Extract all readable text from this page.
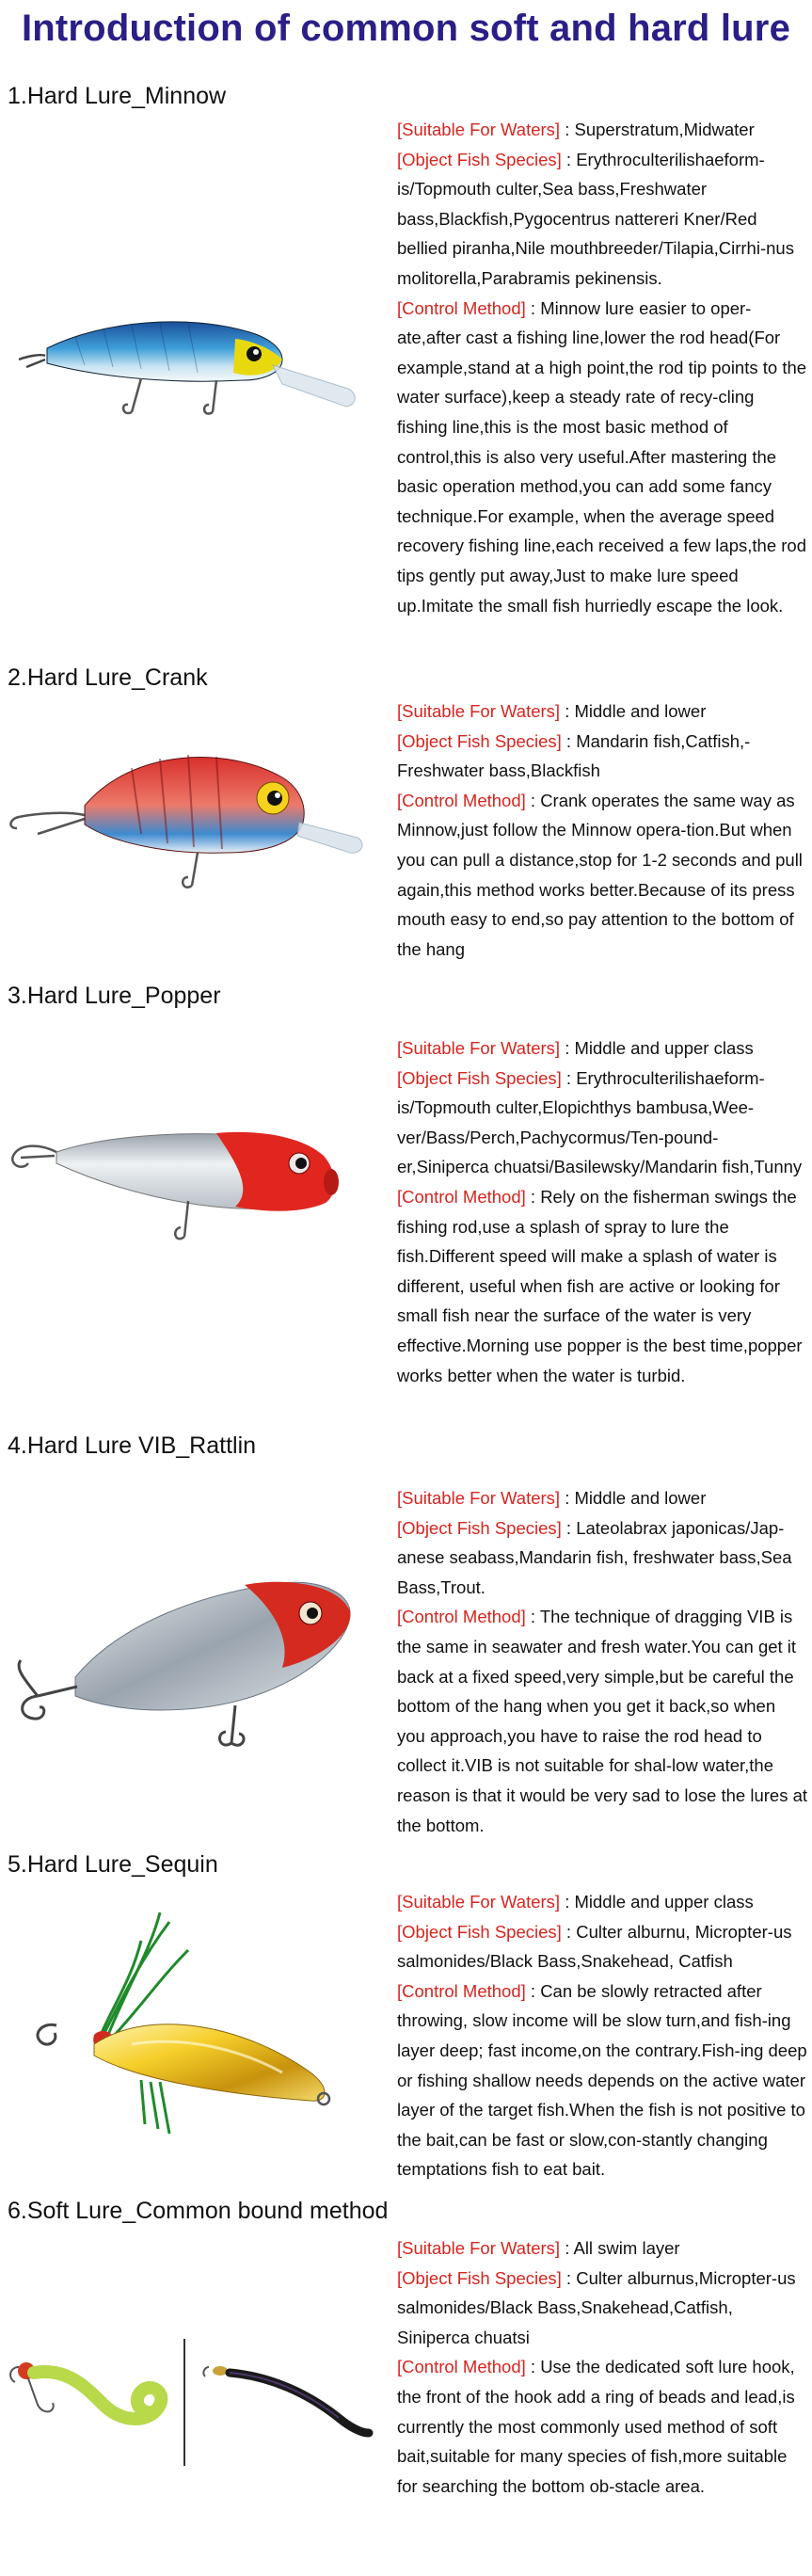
Introduction of common soft and hard lure
1.Hard Lure_Minnow

[Suitable For Waters] : Superstratum,Midwater

[Object Fish Species] : Erythroculterilishaeform-is/Topmouth culter,Sea bass,Freshwater bass,Blackfish,Pygocentrus nattereri Kner/Red bellied piranha,Nile mouthbreeder/Tilapia,Cirrhi-nus molitorella,Parabramis pekinensis.

[Control Method] : Minnow lure easier to oper-ate,after cast a fishing line,lower the rod head(For example,stand at a high point,the rod tip points to the water surface),keep a steady rate of recy-cling fishing line,this is the most basic method of control,this is also very useful.After mastering the basic operation method,you can add some fancy technique.For example, when the average speed recovery fishing line,each received a few laps,the rod tips gently put away,Just to make lure speed up.Imitate the small fish hurriedly escape the look.

2.Hard Lure_Crank

[Suitable For Waters] : Middle and lower

[Object Fish Species] : Mandarin fish,Catfish,-Freshwater bass,Blackfish

[Control Method] : Crank operates the same way as Minnow,just follow the Minnow opera-tion.But when you can pull a distance,stop for 1-2 seconds and pull again,this method works better.Because of its press mouth easy to end,so pay attention to the bottom of the hang

3.Hard Lure_Popper

[Suitable For Waters] : Middle and upper class

[Object Fish Species] : Erythroculterilishaeform-is/Topmouth culter,Elopichthys bambusa,Wee-ver/Bass/Perch,Pachycormus/Ten-pound-er,Siniperca chuatsi/Basilewsky/Mandarin fish,Tunny

[Control Method] : Rely on the fisherman swings the fishing rod,use a splash of spray to lure the fish.Different speed will make a splash of water is different, useful when fish are active or looking for small fish near the surface of the water is very effective.Morning use popper is the best time,popper works better when the water is turbid.

4.Hard Lure VIB_Rattlin

[Suitable For Waters] : Middle and lower

[Object Fish Species] : Lateolabrax japonicas/Jap-anese seabass,Mandarin fish, freshwater bass,Sea Bass,Trout.

[Control Method] : The technique of dragging VIB is the same in seawater and fresh water.You can get it back at a fixed speed,very simple,but be careful the bottom of the hang when you get it back,so when you approach,you have to raise the rod head to collect it.VIB is not suitable for shal-low water,the reason is that it would be very sad to lose the lures at the bottom.

5.Hard Lure_Sequin

[Suitable For Waters] : Middle and upper class

[Object Fish Species] : Culter alburnu, Micropter-us salmonides/Black Bass,Snakehead, Catfish

[Control Method] : Can be slowly retracted after throwing, slow income will be slow turn,and fish-ing layer deep; fast income,on the contrary.Fish-ing deep or fishing shallow needs depends on the active water layer of the target fish.When the fish is not positive to the bait,can be fast or slow,con-stantly changing temptations fish to eat bait.

6.Soft Lure_Common bound method

[Suitable For Waters] : All swim layer

[Object Fish Species] : Culter alburnus,Micropter-us salmonides/Black Bass,Snakehead,Catfish, Siniperca chuatsi

[Control Method] : Use the dedicated soft lure hook, the front of the hook add a ring of beads and lead,is currently the most commonly used method of soft bait,suitable for many species of fish,more suitable for searching the bottom ob-stacle area.
